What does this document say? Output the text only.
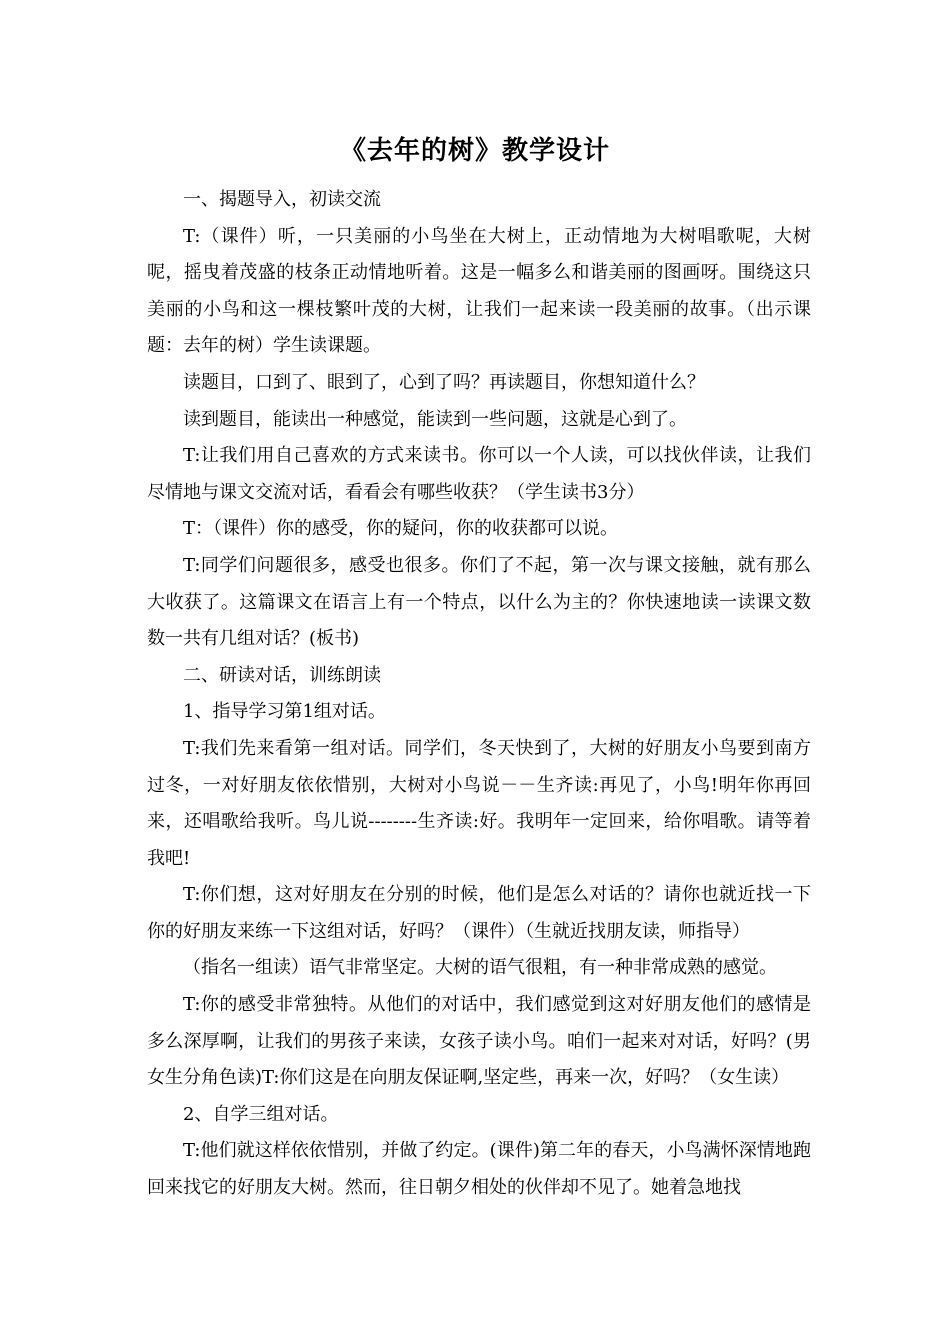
《去年的树》教学设计

一、揭题导入，初读交流

T:（课件）听，一只美丽的小鸟坐在大树上，正动情地为大树唱歌呢，大树呢，摇曳着茂盛的枝条正动情地听着。这是一幅多么和谐美丽的图画呀。围绕这只美丽的小鸟和这一棵枝繁叶茂的大树，让我们一起来读一段美丽的故事。（出示课题：去年的树）学生读课题。

读题目，口到了、眼到了，心到了吗？再读题目，你想知道什么？

读到题目，能读出一种感觉，能读到一些问题，这就是心到了。

T:让我们用自己喜欢的方式来读书。你可以一个人读，可以找伙伴读，让我们尽情地与课文交流对话，看看会有哪些收获？（学生读书3分）

T：（课件）你的感受，你的疑问，你的收获都可以说。

T:同学们问题很多，感受也很多。你们了不起，第一次与课文接触，就有那么大收获了。这篇课文在语言上有一个特点，以什么为主的？你快速地读一读课文数数一共有几组对话？(板书)

二、研读对话，训练朗读

1、指导学习第1组对话。

T:我们先来看第一组对话。同学们，冬天快到了，大树的好朋友小鸟要到南方过冬，一对好朋友依依惜别，大树对小鸟说－－生齐读:再见了，小鸟!明年你再回来，还唱歌给我听。鸟儿说--------生齐读:好。我明年一定回来，给你唱歌。请等着我吧!

T:你们想，这对好朋友在分别的时候，他们是怎么对话的？请你也就近找一下你的好朋友来练一下这组对话，好吗？（课件）（生就近找朋友读，师指导）

（指名一组读）语气非常坚定。大树的语气很粗，有一种非常成熟的感觉。

T:你的感受非常独特。从他们的对话中，我们感觉到这对好朋友他们的感情是多么深厚啊，让我们的男孩子来读，女孩子读小鸟。咱们一起来对对话，好吗？(男女生分角色读)T:你们这是在向朋友保证啊,坚定些，再来一次，好吗？（女生读）

2、自学三组对话。

T:他们就这样依依惜别，并做了约定。(课件)第二年的春天，小鸟满怀深情地跑回来找它的好朋友大树。然而，往日朝夕相处的伙伴却不见了。她着急地找
